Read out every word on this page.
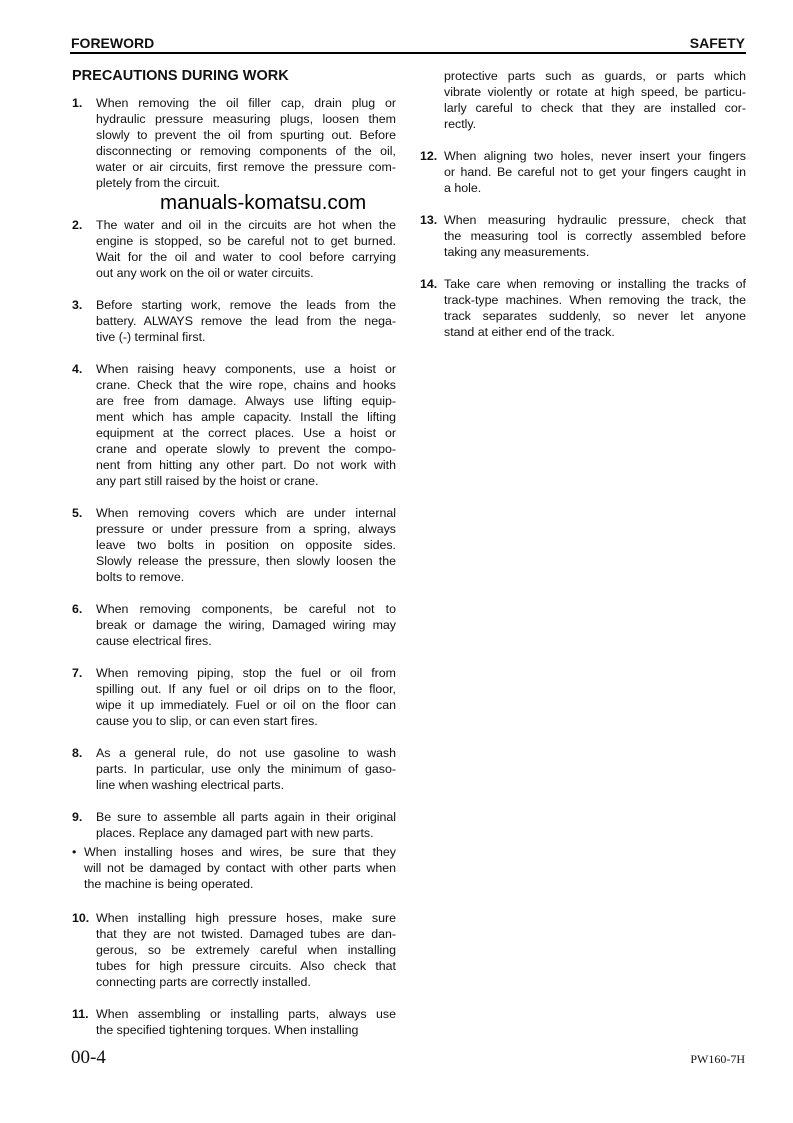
FOREWORD	SAFETY
PRECAUTIONS DURING WORK
1. When removing the oil filler cap, drain plug or
hydraulic pressure measuring plugs, loosen them
slowly to prevent the oil from spurting out. Before
disconnecting or removing components of the oil,
water or air circuits, first remove the pressure com-
pletely from the circuit.
2. The water and oil in the circuits are hot when the
engine is stopped, so be careful not to get burned.
Wait for the oil and water to cool before carrying
out any work on the oil or water circuits.
3. Before starting work, remove the leads from the
battery. ALWAYS remove the lead from the nega-
tive (-) terminal first.
4. When raising heavy components, use a hoist or
crane. Check that the wire rope, chains and hooks
are free from damage. Always use lifting equip-
ment which has ample capacity. Install the lifting
equipment at the correct places. Use a hoist or
crane and operate slowly to prevent the compo-
nent from hitting any other part. Do not work with
any part still raised by the hoist or crane.
5. When removing covers which are under internal
pressure or under pressure from a spring, always
leave two bolts in position on opposite sides.
Slowly release the pressure, then slowly loosen the
bolts to remove.
6. When removing components, be careful not to
break or damage the wiring, Damaged wiring may
cause electrical fires.
7. When removing piping, stop the fuel or oil from
spilling out. If any fuel or oil drips on to the floor,
wipe it up immediately. Fuel or oil on the floor can
cause you to slip, or can even start fires.
8. As a general rule, do not use gasoline to wash
parts. In particular, use only the minimum of gaso-
line when washing electrical parts.
9. Be sure to assemble all parts again in their original
places. Replace any damaged part with new parts.
• When installing hoses and wires, be sure that they
will not be damaged by contact with other parts when
the machine is being operated.
10. When installing high pressure hoses, make sure
that they are not twisted. Damaged tubes are dan-
gerous, so be extremely careful when installing
tubes for high pressure circuits. Also check that
connecting parts are correctly installed.
11. When assembling or installing parts, always use
the specified tightening torques. When installing
protective parts such as guards, or parts which
vibrate violently or rotate at high speed, be particu-
larly careful to check that they are installed cor-
rectly.
12. When aligning two holes, never insert your fingers
or hand. Be careful not to get your fingers caught in
a hole.
13. When measuring hydraulic pressure, check that
the measuring tool is correctly assembled before
taking any measurements.
14. Take care when removing or installing the tracks of
track-type machines. When removing the track, the
track separates suddenly, so never let anyone
stand at either end of the track.
manuals-komatsu.com
00-4	PW160-7H
